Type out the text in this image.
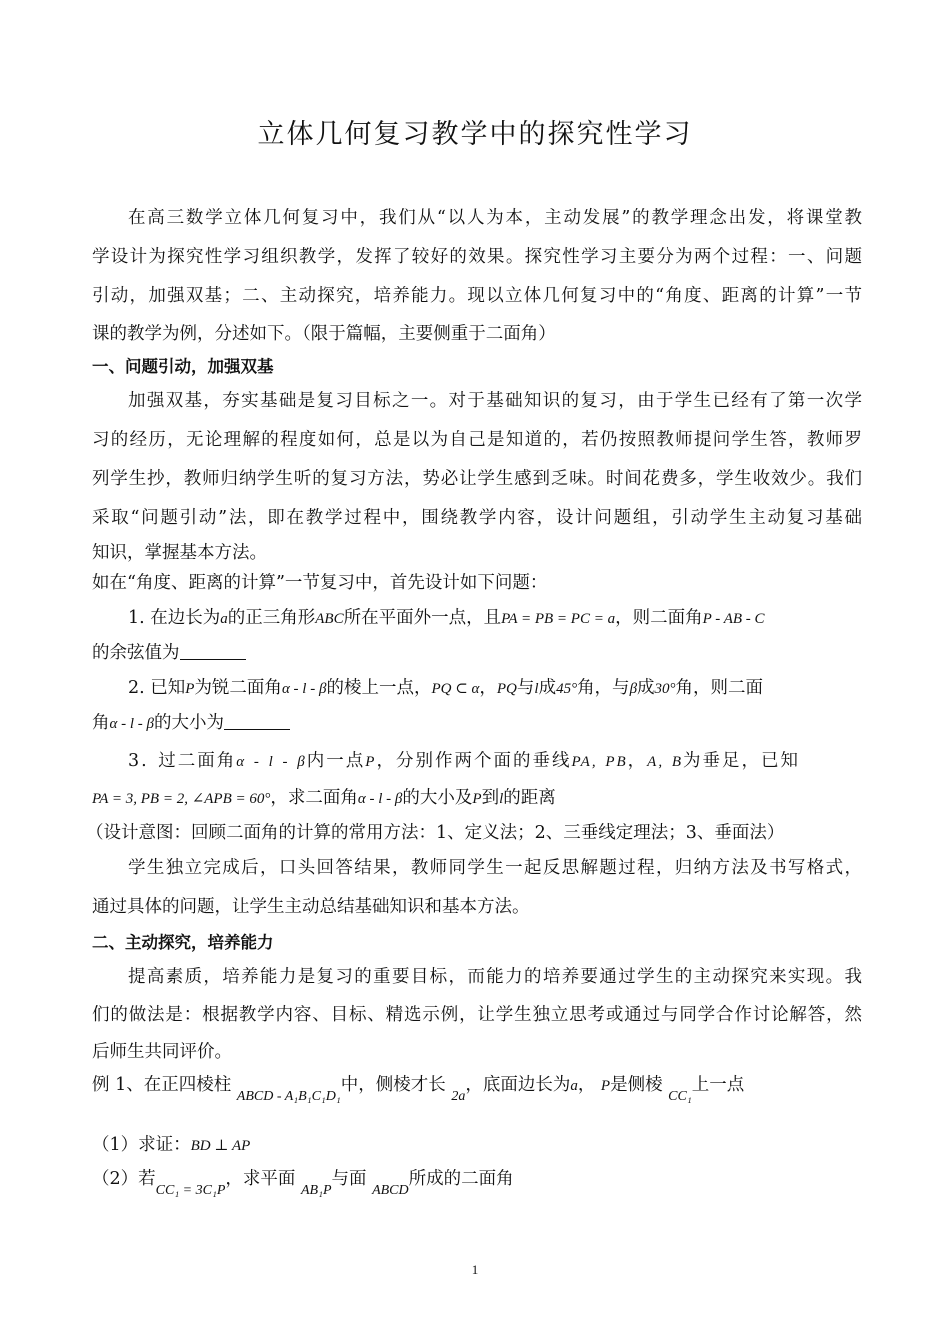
立体几何复习教学中的探究性学习
在高三数学立体几何复习中，我们从“以人为本，主动发展”的教学理念出发，将课堂教
学设计为探究性学习组织教学，发挥了较好的效果。探究性学习主要分为两个过程：一、问题
引动，加强双基；二、主动探究，培养能力。现以立体几何复习中的“角度、距离的计算”一节
课的教学为例，分述如下。（限于篇幅，主要侧重于二面角）
一、问题引动，加强双基
加强双基，夯实基础是复习目标之一。对于基础知识的复习，由于学生已经有了第一次学
习的经历，无论理解的程度如何，总是以为自己是知道的，若仍按照教师提问学生答，教师罗
列学生抄，教师归纳学生听的复习方法，势必让学生感到乏味。时间花费多，学生收效少。我们
采取“问题引动”法，即在教学过程中，围绕教学内容，设计问题组，引动学生主动复习基础
知识，掌握基本方法。
如在“角度、距离的计算”一节复习中，首先设计如下问题：
1. 在边长为a的正三角形ABC所在平面外一点，且PA = PB = PC = a，则二面角P - AB - C
的余弦值为
2. 已知P为锐二面角α - l - β的棱上一点，PQ ⊂ α，PQ与l成45°角，与β成30°角，则二面
角α - l - β的大小为
3. 过二面角α - l - β内一点P，分别作两个面的垂线PA, PB，A, B为垂足，已知
PA = 3, PB = 2, ∠APB = 60°，求二面角α - l - β的大小及P到l的距离
（设计意图：回顾二面角的计算的常用方法：1、定义法；2、三垂线定理法；3、垂面法）
学生独立完成后，口头回答结果，教师同学生一起反思解题过程，归纳方法及书写格式，
通过具体的问题，让学生主动总结基础知识和基本方法。
二、主动探究，培养能力
提高素质，培养能力是复习的重要目标，而能力的培养要通过学生的主动探究来实现。我
们的做法是：根据教学内容、目标、精选示例，让学生独立思考或通过与同学合作讨论解答，然
后师生共同评价。
例 1、在正四棱柱 $_{ABCD - A_1B_1C_1D_1}$中，侧棱才长 $_{2a}$，底面边长为a， P是侧棱 $_{CC_1}$上一点
（1）求证：BD ⊥ AP
（2）若$_{CC_1 = 3C_1P}$，求平面 $_{AB_1P}$与面 $_{ABCD}$所成的二面角
1
